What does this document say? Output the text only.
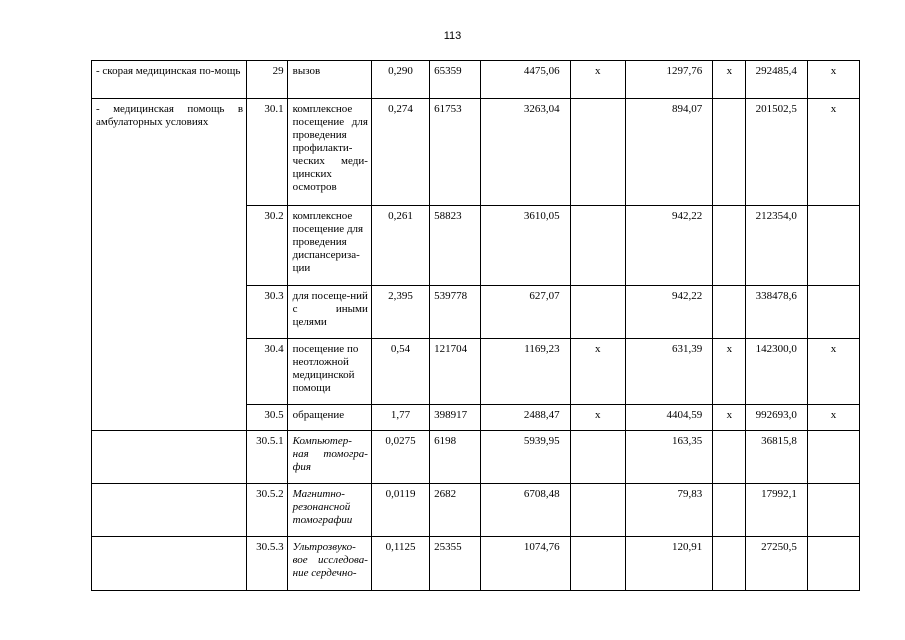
113
- скорая медицинская по-мощь	29	вызов	0,290	65359	4475,06	х	1297,76	х	292485,4	х
- медицинская помощь в амбулаторных условиях	30.1	комплексное посещение для проведения профилакти-ческих меди-цинских осмотров	0,274	61753	3263,04		894,07		201502,5	х
	30.2	комплексное посещение для проведения диспансериза-ции	0,261	58823	3610,05		942,22		212354,0	
	30.3	для посеще-ний с иными целями	2,395	539778	627,07		942,22		338478,6	
	30.4	посещение по неотложной медицинской помощи	0,54	121704	1169,23	х	631,39	х	142300,0	х
	30.5	обращение	1,77	398917	2488,47	х	4404,59	х	992693,0	х
	30.5.1	Компьютер-ная томогра-фия	0,0275	6198	5939,95		163,35		36815,8	
	30.5.2	Магнитно-резонансной томографии	0,0119	2682	6708,48		79,83		17992,1	
	30.5.3	Ультрозвуко-вое исследова-ние сердечно-	0,1125	25355	1074,76		120,91		27250,5	
